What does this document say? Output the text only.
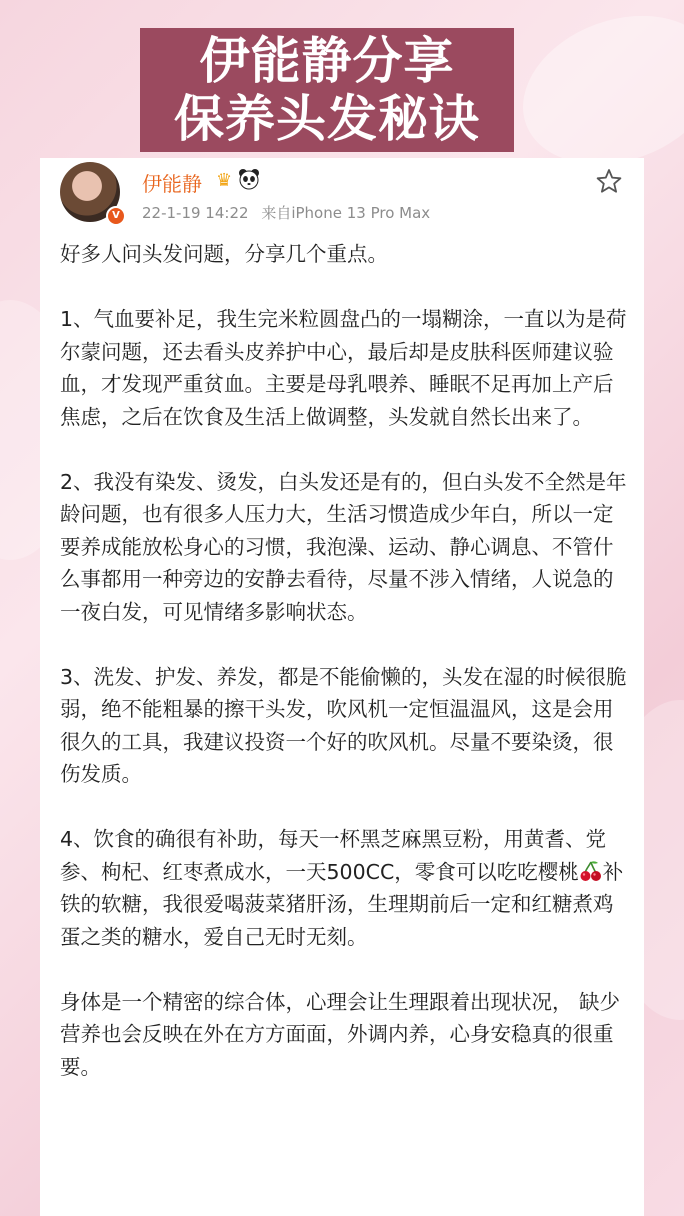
伊能静分享
保养头发秘诀
V
伊能静 ♛
22-1-19 14:22 来自iPhone 13 Pro Max

好多人问头发问题，分享几个重点。

1、气血要补足，我生完米粒圆盘凸的一塌糊涂，一直以为是荷尔蒙问题，还去看头皮养护中心，最后却是皮肤科医师建议验血，才发现严重贫血。主要是母乳喂养、睡眠不足再加上产后焦虑，之后在饮食及生活上做调整，头发就自然长出来了。

2、我没有染发、烫发，白头发还是有的，但白头发不全然是年龄问题，也有很多人压力大，生活习惯造成少年白，所以一定要养成能放松身心的习惯，我泡澡、运动、静心调息、不管什么事都用一种旁边的安静去看待，尽量不涉入情绪，人说急的一夜白发，可见情绪多影响状态。

3、洗发、护发、养发，都是不能偷懒的，头发在湿的时候很脆弱，绝不能粗暴的擦干头发，吹风机一定恒温温风，这是会用很久的工具，我建议投资一个好的吹风机。尽量不要染烫，很伤发质。

4、饮食的确很有补助，每天一杯黑芝麻黑豆粉，用黄耆、党参、枸杞、红枣煮成水，一天500CC，零食可以吃吃樱桃 补铁的软糖，我很爱喝菠菜猪肝汤，生理期前后一定和红糖煮鸡蛋之类的糖水，爱自己无时无刻。

身体是一个精密的综合体，心理会让生理跟着出现状况， 缺少营养也会反映在外在方方面面，外调内养，心身安稳真的很重要。
